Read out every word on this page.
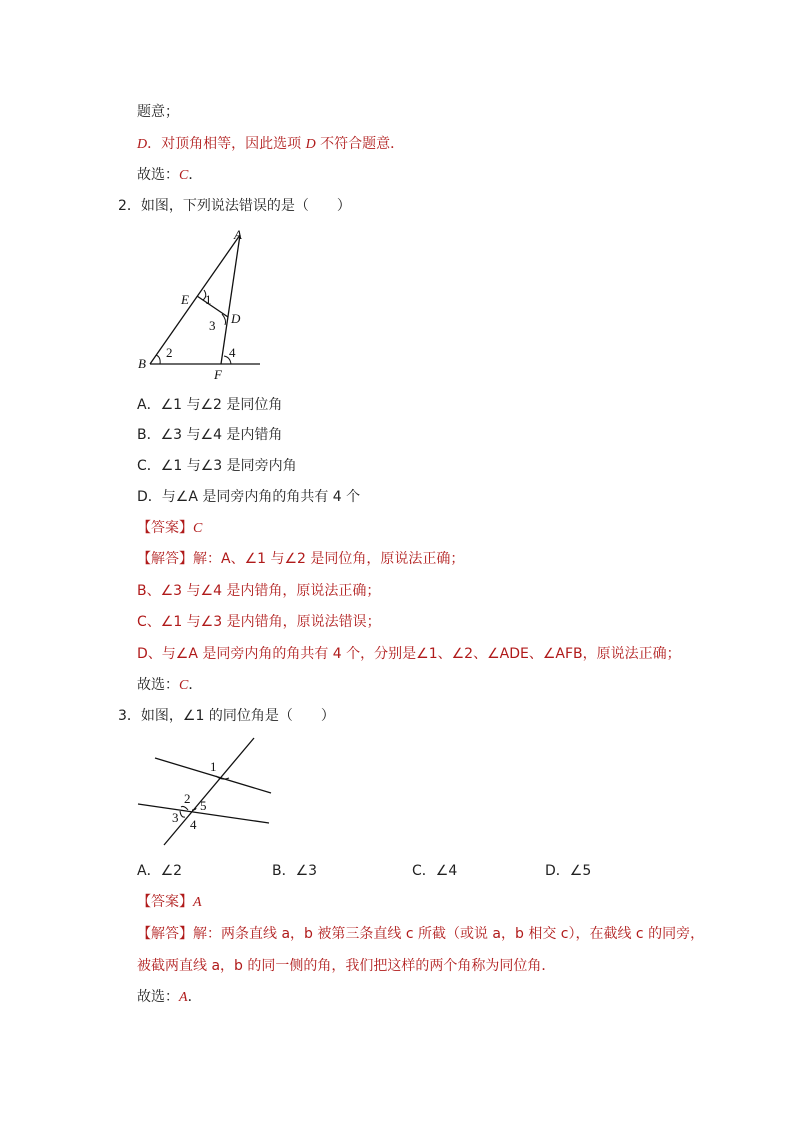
题意；
D．对顶角相等，因此选项 D 不符合题意．
故选：C．
2．如图，下列说法错误的是（　　）
A
E 1
D
3
B
2	4
F
A．∠1 与∠2 是同位角
B．∠3 与∠4 是内错角
C．∠1 与∠3 是同旁内角
D．与∠A 是同旁内角的角共有 4 个
【答案】C
【解答】解：A、∠1 与∠2 是同位角，原说法正确；
B、∠3 与∠4 是内错角，原说法正确；
C、∠1 与∠3 是内错角，原说法错误；
D、与∠A 是同旁内角的角共有 4 个，分别是∠1、∠2、∠ADE、∠AFB，原说法正确；
故选：C．
3．如图，∠1 的同位角是（　　）
1
2
3 4
5
A．∠2	B．∠3	C．∠4	D．∠5
【答案】A
【解答】解：两条直线 a，b 被第三条直线 c 所截（或说 a，b 相交 c），在截线 c 的同旁，
被截两直线 a，b 的同一侧的角，我们把这样的两个角称为同位角．
故选：A．
